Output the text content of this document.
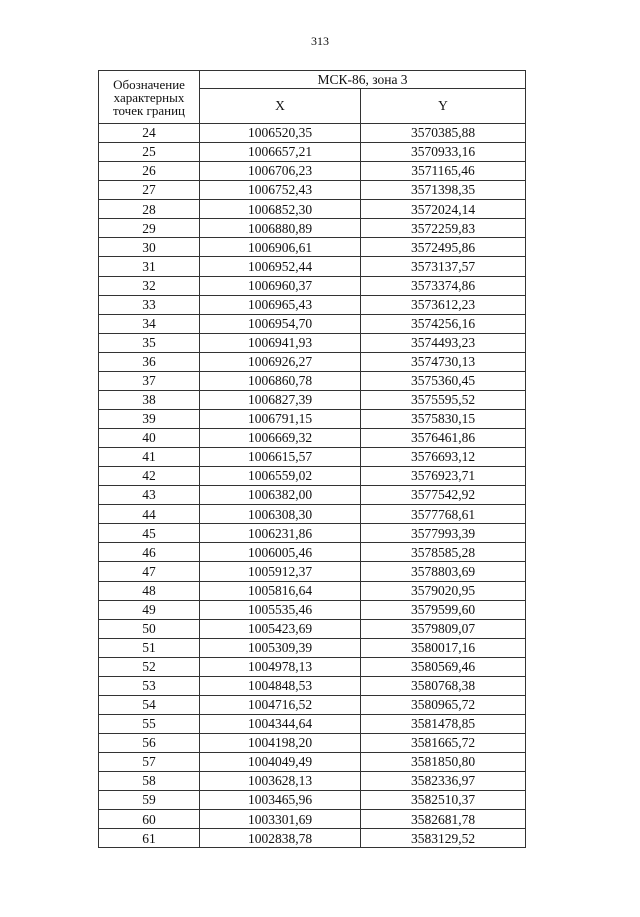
313
Обозначение характерных точек границ	МСК-86, зона 3	
	X	Y
24	1006520,35	3570385,88
25	1006657,21	3570933,16
26	1006706,23	3571165,46
27	1006752,43	3571398,35
28	1006852,30	3572024,14
29	1006880,89	3572259,83
30	1006906,61	3572495,86
31	1006952,44	3573137,57
32	1006960,37	3573374,86
33	1006965,43	3573612,23
34	1006954,70	3574256,16
35	1006941,93	3574493,23
36	1006926,27	3574730,13
37	1006860,78	3575360,45
38	1006827,39	3575595,52
39	1006791,15	3575830,15
40	1006669,32	3576461,86
41	1006615,57	3576693,12
42	1006559,02	3576923,71
43	1006382,00	3577542,92
44	1006308,30	3577768,61
45	1006231,86	3577993,39
46	1006005,46	3578585,28
47	1005912,37	3578803,69
48	1005816,64	3579020,95
49	1005535,46	3579599,60
50	1005423,69	3579809,07
51	1005309,39	3580017,16
52	1004978,13	3580569,46
53	1004848,53	3580768,38
54	1004716,52	3580965,72
55	1004344,64	3581478,85
56	1004198,20	3581665,72
57	1004049,49	3581850,80
58	1003628,13	3582336,97
59	1003465,96	3582510,37
60	1003301,69	3582681,78
61	1002838,78	3583129,52
